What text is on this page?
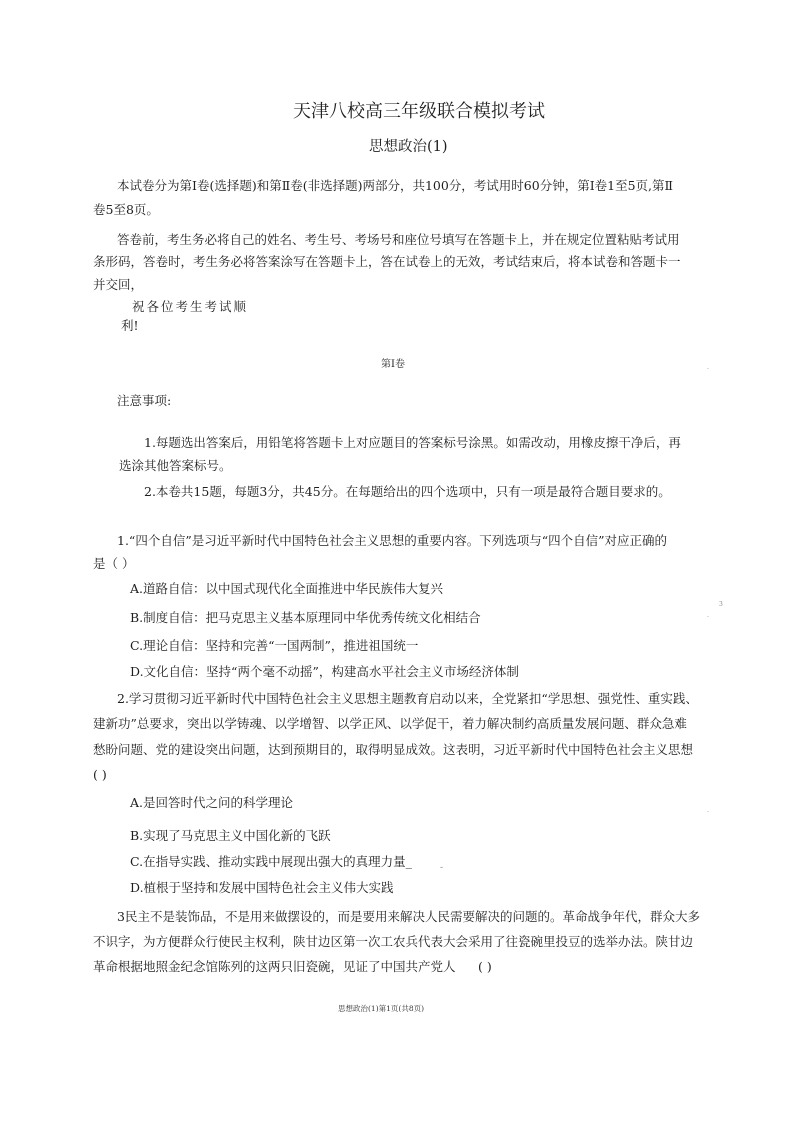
天津八校高三年级联合模拟考试
思想政治(1)
本试卷分为第Ⅰ卷(选择题)和第Ⅱ卷(非选择题)两部分，共100分，考试用时60分钟，第Ⅰ卷1至5页,第Ⅱ
卷5至8页。
答卷前，考生务必将自己的姓名、考生号、考场号和座位号填写在答题卡上，并在规定位置粘贴考试用
条形码，答卷时，考生务必将答案涂写在答题卡上，答在试卷上的无效，考试结束后，将本试卷和答题卡一
并交回，
祝各位考生考试顺
利!
第Ⅰ卷
注意事项:
1.每题选出答案后，用铅笔将答题卡上对应题目的答案标号涂黑。如需改动，用橡皮擦干净后，再
选涂其他答案标号。
2.本卷共15题，每题3分，共45分。在每题给出的四个选项中，只有一项是最符合题目要求的。
1.“四个自信”是习近平新时代中国特色社会主义思想的重要内容。下列选项与“四个自信”对应正确的
是（ ）
A.道路自信：以中国式现代化全面推进中华民族伟大复兴
B.制度自信：把马克思主义基本原理同中华优秀传统文化相结合
C.理论自信：坚持和完善“一国两制”，推进祖国统一
D.文化自信：坚持“两个毫不动摇”，构建高水平社会主义市场经济体制
2.学习贯彻习近平新时代中国特色社会主义思想主题教育启动以来，全党紧扣“学思想、强党性、重实践、
建新功”总要求，突出以学铸魂、以学增智、以学正风、以学促干，着力解决制约高质量发展问题、群众急难
愁盼问题、党的建设突出问题，达到预期目的，取得明显成效。这表明，习近平新时代中国特色社会主义思想
( )
A.是回答时代之问的科学理论
B.实现了马克思主义中国化新的飞跃
C.在指导实践、推动实践中展现出强大的真理力量_
D.植根于坚持和发展中国特色社会主义伟大实践
3民主不是装饰品，不是用来做摆设的，而是要用来解决人民需要解决的问题的。革命战争年代，群众大多
不识字，为方便群众行使民主权利，陕甘边区第一次工农兵代表大会采用了往瓷碗里投豆的选举办法。陕甘边
革命根据地照金纪念馆陈列的这两只旧瓷碗，见证了中国共产党人 ( )
·
3
·
·
-
思想政治(1)第1页(共8页)
